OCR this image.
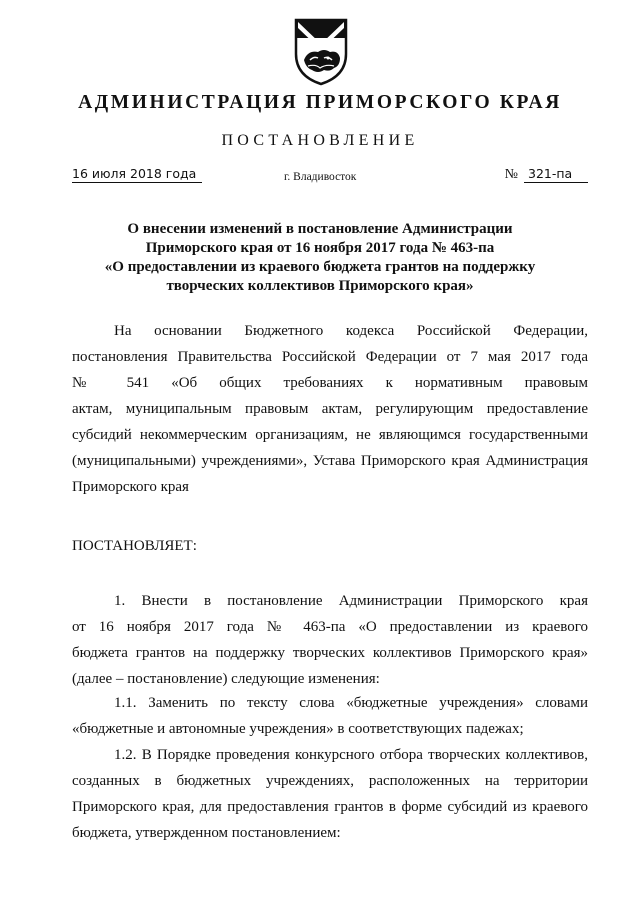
АДМИНИСТРАЦИЯ ПРИМОРСКОГО КРАЯ
ПОСТАНОВЛЕНИЕ
16 июля 2018 года	г. Владивосток	№ 321-па
О внесении изменений в постановление Администрации
Приморского края от 16 ноября 2017 года № 463-па
«О предоставлении из краевого бюджета грантов на поддержку
творческих коллективов Приморского края»
На основании Бюджетного кодекса Российской Федерации,
постановления Правительства Российской Федерации от 7 мая 2017 года
№ 541 «Об общих требованиях к нормативным правовым
актам, муниципальным правовым актам, регулирующим предоставление
субсидий некоммерческим организациям, не являющимся государственными
(муниципальными) учреждениями», Устава Приморского края Администрация
Приморского края
ПОСТАНОВЛЯЕТ:
1. Внести в постановление Администрации Приморского края
от 16 ноября 2017 года № 463-па «О предоставлении из краевого
бюджета грантов на поддержку творческих коллективов Приморского края»
(далее – постановление) следующие изменения:
1.1. Заменить по тексту слова «бюджетные учреждения» словами
«бюджетные и автономные учреждения» в соответствующих падежах;
1.2. В Порядке проведения конкурсного отбора творческих коллективов,
созданных в бюджетных учреждениях, расположенных на территории
Приморского края, для предоставления грантов в форме субсидий из краевого
бюджета, утвержденном постановлением:
